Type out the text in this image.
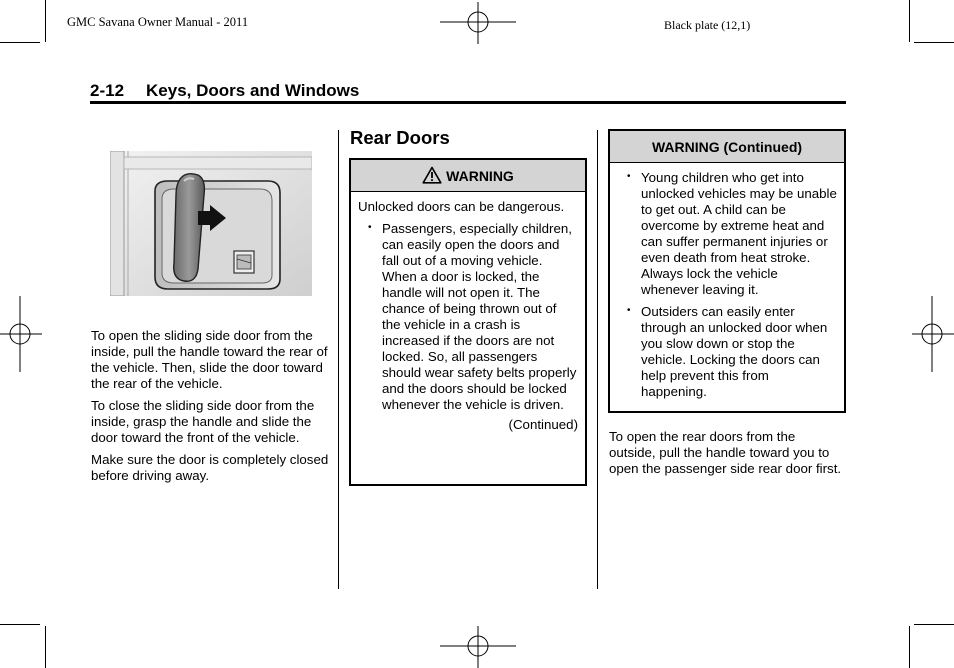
GMC Savana Owner Manual - 2011	Black plate (12,1)
2-12 Keys, Doors and Windows

To open the sliding side door from the inside, pull the handle toward the rear of the vehicle. Then, slide the door toward the rear of the vehicle.

To close the sliding side door from the inside, grasp the handle and slide the door toward the front of the vehicle.

Make sure the door is completely closed before driving away.

Rear Doors
WARNING
Unlocked doors can be dangerous.
• Passengers, especially children, can easily open the doors and fall out of a moving vehicle. When a door is locked, the handle will not open it. The chance of being thrown out of the vehicle in a crash is increased if the doors are not locked. So, all passengers should wear safety belts properly and the doors should be locked whenever the vehicle is driven.
(Continued)
WARNING (Continued)
• Young children who get into unlocked vehicles may be unable to get out. A child can be overcome by extreme heat and can suffer permanent injuries or even death from heat stroke. Always lock the vehicle whenever leaving it.
• Outsiders can easily enter through an unlocked door when you slow down or stop the vehicle. Locking the doors can help prevent this from happening.

To open the rear doors from the outside, pull the handle toward you to open the passenger side rear door first.
